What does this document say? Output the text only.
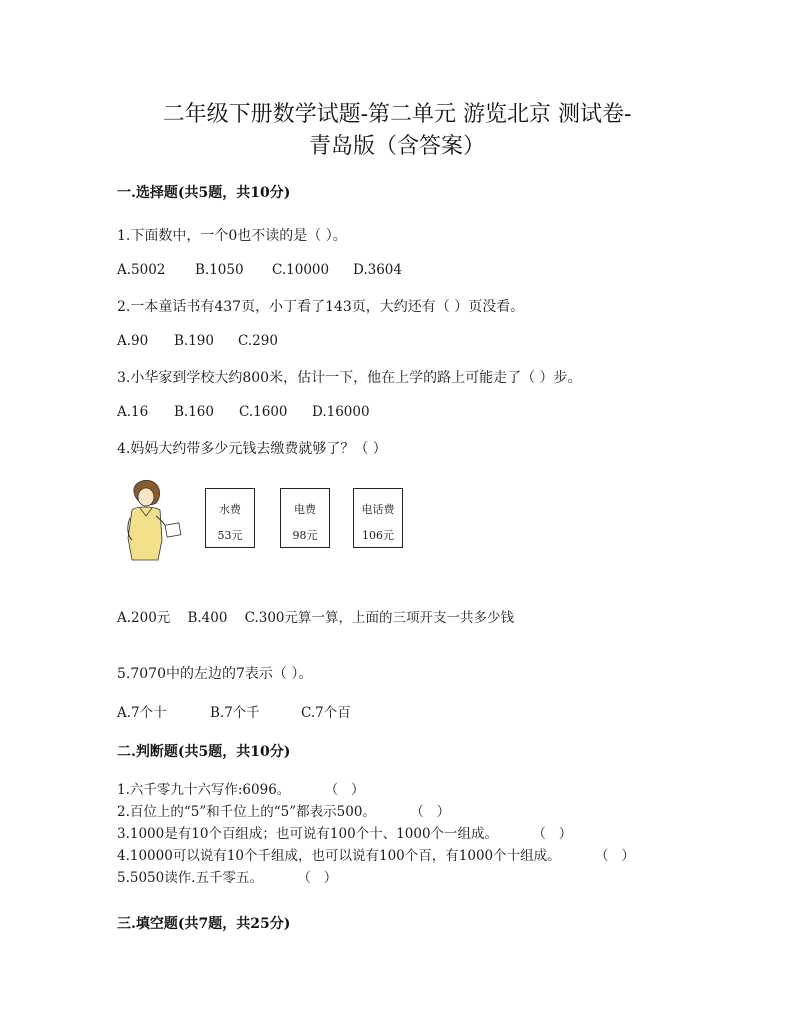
二年级下册数学试题-第二单元 游览北京 测试卷-
青岛版（含答案）
一.选择题(共5题，共10分)
1.下面数中，一个0也不读的是（ ）。
A.5002 B.1050 C.10000 D.3604
2.一本童话书有437页，小丁看了143页，大约还有（ ）页没看。
A.90 B.190 C.290
3.小华家到学校大约800米，估计一下，他在上学的路上可能走了（ ）步。
A.16 B.160 C.1600 D.16000
4.妈妈大约带多少元钱去缴费就够了？（ ）
水费
53元
电费
98元
电话费
106元
A.200元    B.400    C.300元算一算，上面的三项开支一共多少钱
5.7070中的左边的7表示（ ）。
A.7个十	B.7个千	C.7个百
二.判断题(共5题，共10分)
1.六千零九十六写作:6096。        （   ）
2.百位上的“5”和千位上的“5”都表示500。        （   ）
3.1000是有10个百组成；也可说有100个十、1000个一组成。        （   ）
4.10000可以说有10个千组成，也可以说有100个百，有1000个十组成。        （   ）
5.5050读作.五千零五。        （   ）
三.填空题(共7题，共25分)
